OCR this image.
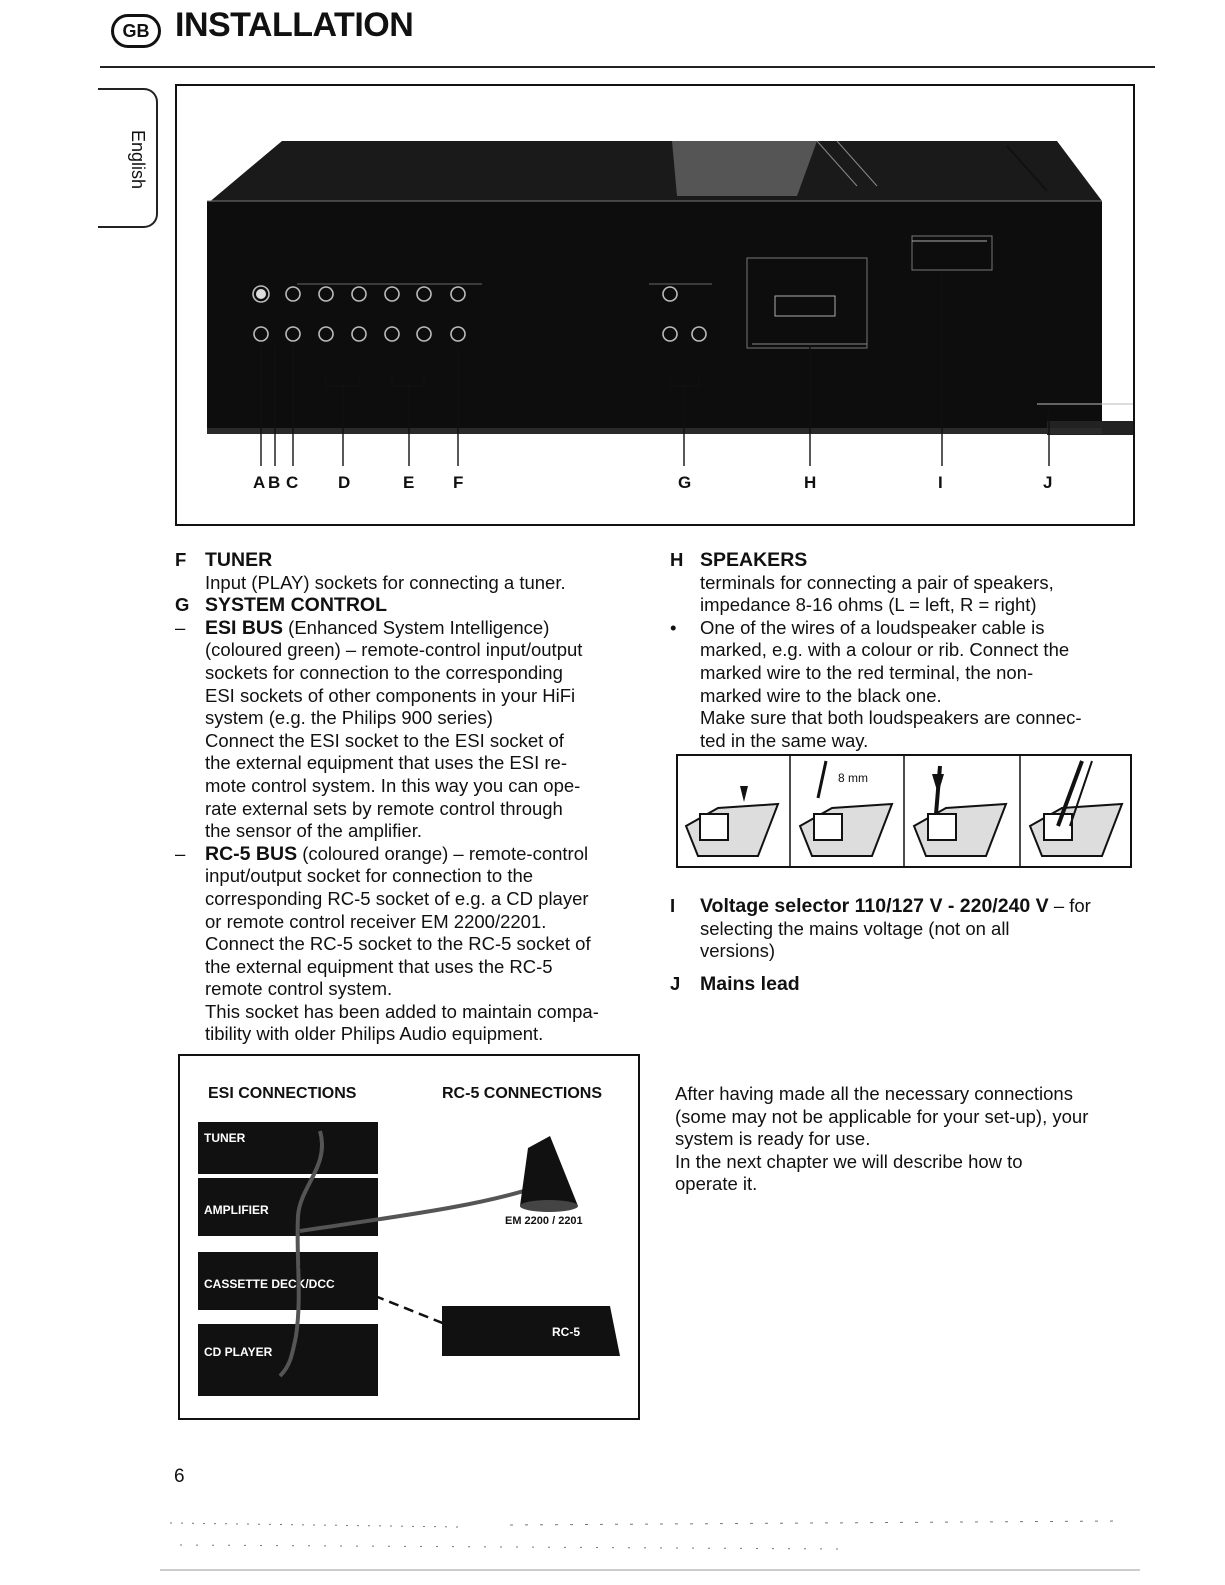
GB INSTALLATION
English
A B C D	E F	G	H	I	J
F TUNER

Input (PLAY) sockets for connecting a tuner.

G SYSTEM CONTROL
– ESI BUS (Enhanced System Intelligence)

(coloured green) – remote-control input/output

sockets for connection to the corresponding

ESI sockets of other components in your HiFi

system (e.g. the Philips 900 series)

Connect the ESI socket to the ESI socket of

the external equipment that uses the ESI re-

mote control system. In this way you can ope-

rate external sets by remote control through

the sensor of the amplifier.

– RC-5 BUS (coloured orange) – remote-control

input/output socket for connection to the

corresponding RC-5 socket of e.g. a CD player

or remote control receiver EM 2200/2201.

Connect the RC-5 socket to the RC-5 socket of

the external equipment that uses the RC-5

remote control system.

This socket has been added to maintain compa-

tibility with older Philips Audio equipment.

H SPEAKERS

terminals for connecting a pair of speakers,

impedance 8-16 ohms (L = left, R = right)

• One of the wires of a loudspeaker cable is

marked, e.g. with a colour or rib. Connect the

marked wire to the red terminal, the non-

marked wire to the black one.

Make sure that both loudspeakers are connec-

ted in the same way.

8 mm
I Voltage selector 110/127 V - 220/240 V – for

selecting the mains voltage (not on all

versions)

J Mains lead
ESI CONNECTIONS	RC-5 CONNECTIONS
TUNER
AMPLIFIER
CASSETTE DECK/DCC
CD PLAYER
EM 2200 / 2201
RC-5

After having made all the necessary connections

(some may not be applicable for your set-up), your

system is ready for use.

In the next chapter we will describe how to

operate it.

6
